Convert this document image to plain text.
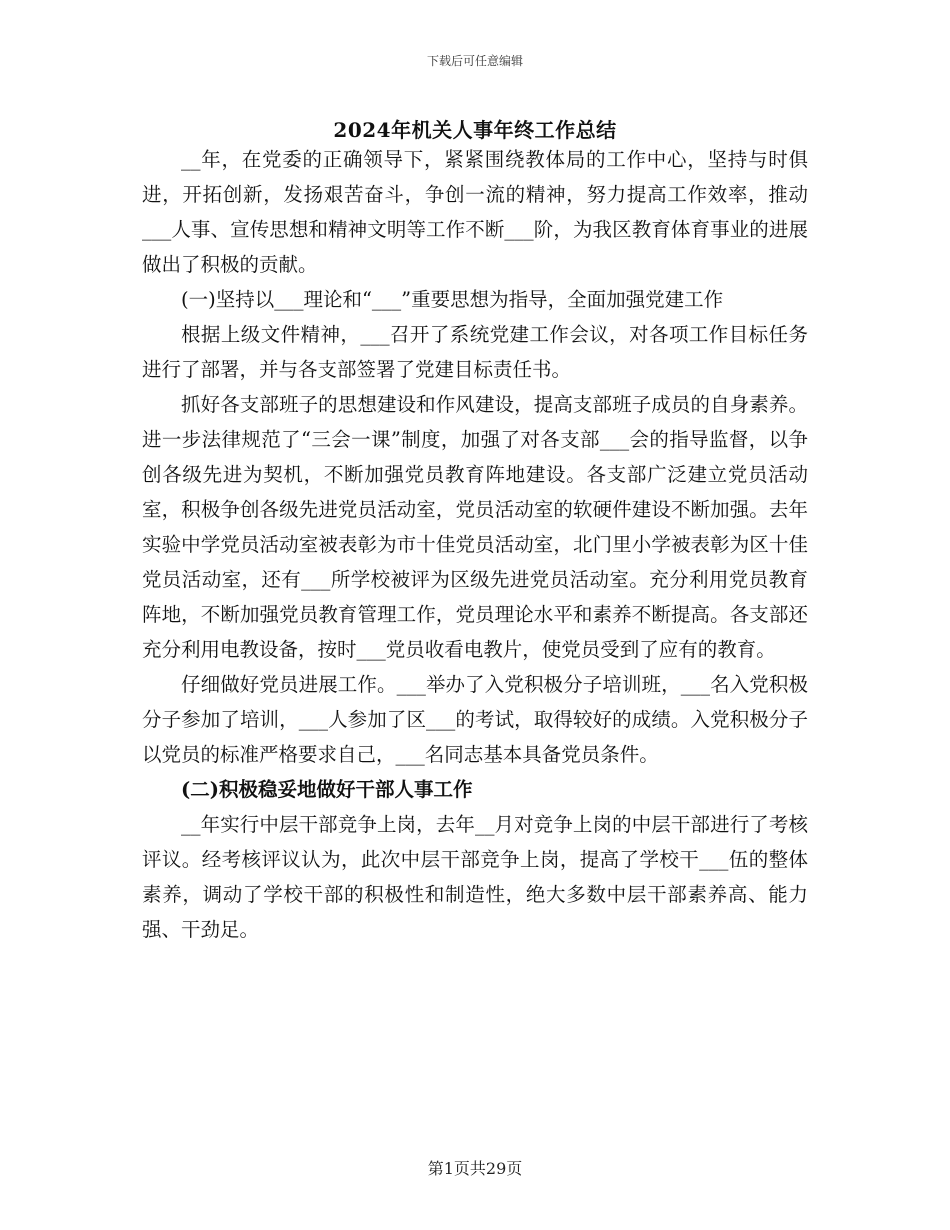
下载后可任意编辑
2024年机关人事年终工作总结

__年，在党委的正确领导下，紧紧围绕教体局的工作中心，坚持与时俱进，开拓创新，发扬艰苦奋斗，争创一流的精神，努力提高工作效率，推动___人事、宣传思想和精神文明等工作不断___阶，为我区教育体育事业的进展做出了积极的贡献。

(一)坚持以___理论和“___”重要思想为指导，全面加强党建工作

根据上级文件精神，___召开了系统党建工作会议，对各项工作目标任务进行了部署，并与各支部签署了党建目标责任书。

抓好各支部班子的思想建设和作风建设，提高支部班子成员的自身素养。进一步法律规范了“三会一课”制度，加强了对各支部___会的指导监督，以争创各级先进为契机，不断加强党员教育阵地建设。各支部广泛建立党员活动室，积极争创各级先进党员活动室，党员活动室的软硬件建设不断加强。去年实验中学党员活动室被表彰为市十佳党员活动室，北门里小学被表彰为区十佳党员活动室，还有___所学校被评为区级先进党员活动室。充分利用党员教育阵地，不断加强党员教育管理工作，党员理论水平和素养不断提高。各支部还充分利用电教设备，按时___党员收看电教片，使党员受到了应有的教育。

仔细做好党员进展工作。___举办了入党积极分子培训班，___名入党积极分子参加了培训，___人参加了区___的考试，取得较好的成绩。入党积极分子以党员的标准严格要求自己，___名同志基本具备党员条件。

(二)积极稳妥地做好干部人事工作

__年实行中层干部竞争上岗，去年__月对竞争上岗的中层干部进行了考核评议。经考核评议认为，此次中层干部竞争上岗，提高了学校干___伍的整体素养，调动了学校干部的积极性和制造性，绝大多数中层干部素养高、能力强、干劲足。

第1页共29页
